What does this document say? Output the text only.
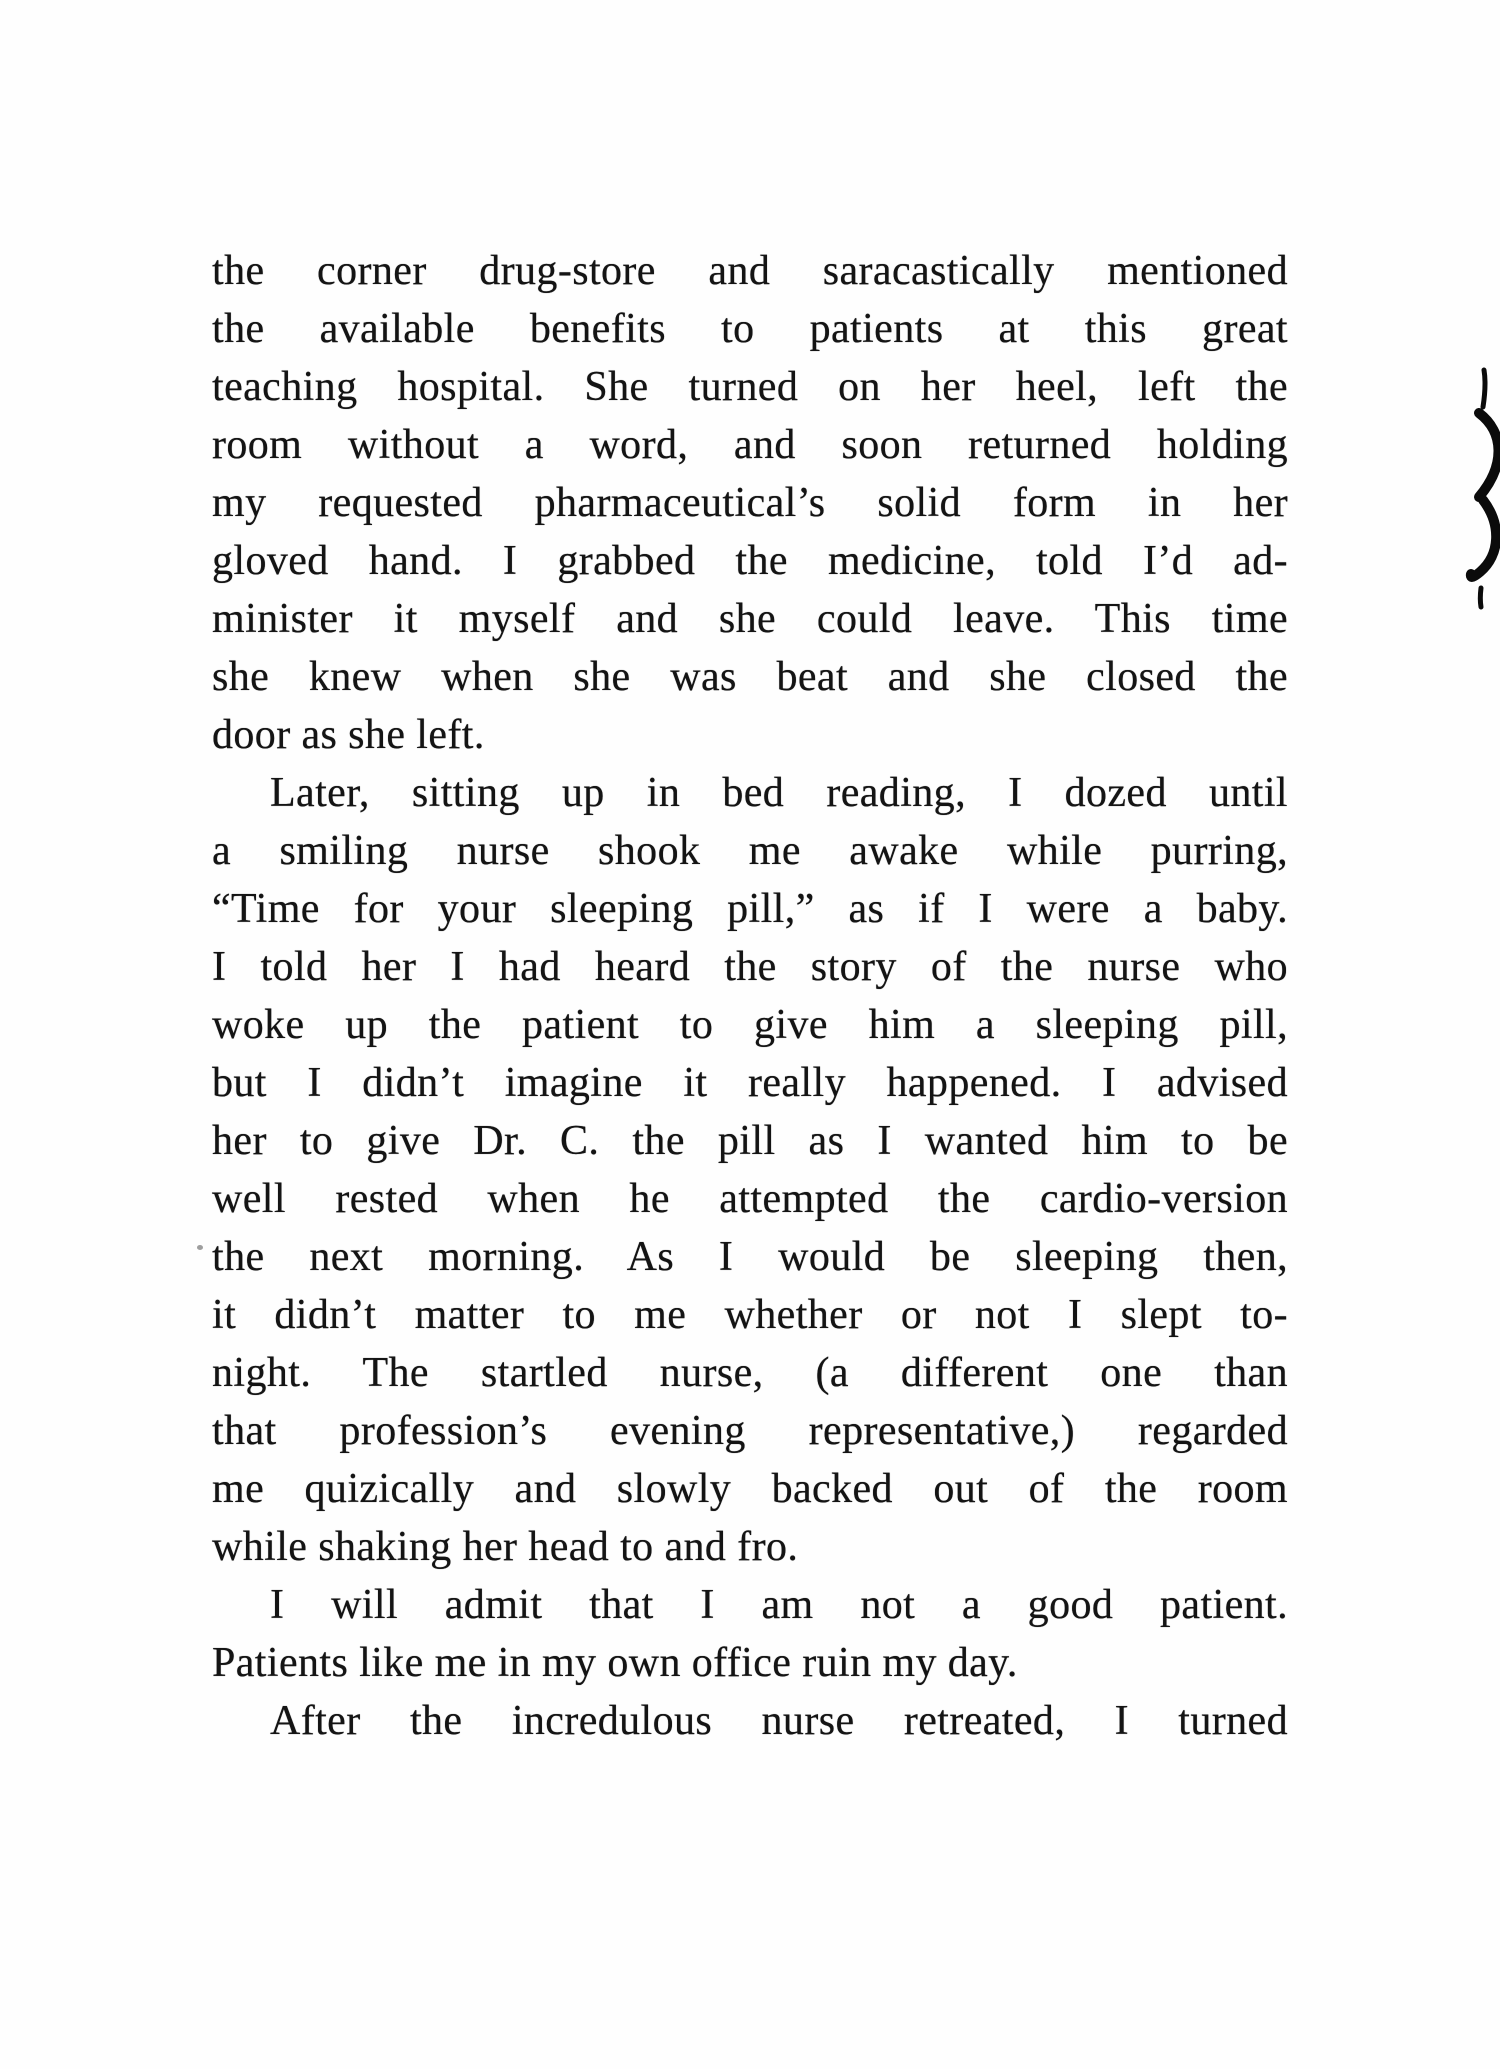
the corner drug-store and saracastically mentioned
the available benefits to patients at this great
teaching hospital. She turned on her heel, left the
room without a word, and soon returned holding
my requested pharmaceutical’s solid form in her
gloved hand. I grabbed the medicine, told I’d ad-
minister it myself and she could leave. This time
she knew when she was beat and she closed the
door as she left.
Later, sitting up in bed reading, I dozed until
a smiling nurse shook me awake while purring,
“Time for your sleeping pill,” as if I were a baby.
I told her I had heard the story of the nurse who
woke up the patient to give him a sleeping pill,
but I didn’t imagine it really happened. I advised
her to give Dr. C. the pill as I wanted him to be
well rested when he attempted the cardio-version
the next morning. As I would be sleeping then,
it didn’t matter to me whether or not I slept to-
night. The startled nurse, (a different one than
that profession’s evening representative,) regarded
me quizically and slowly backed out of the room
while shaking her head to and fro.
I will admit that I am not a good patient.
Patients like me in my own office ruin my day.
After the incredulous nurse retreated, I turned
